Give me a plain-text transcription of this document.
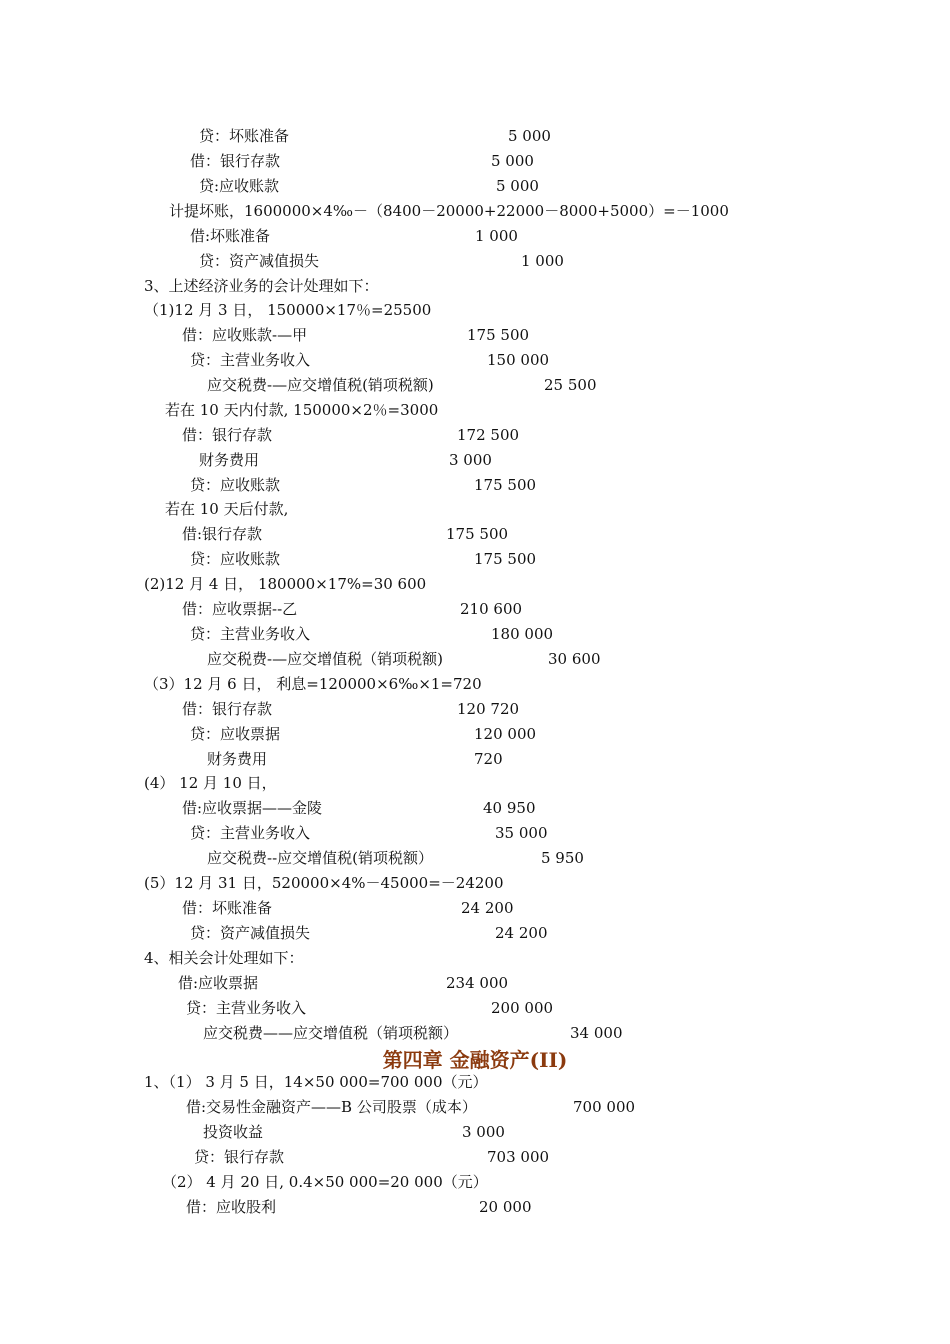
贷：坏账准备	5 000
借：银行存款	5 000
贷:应收账款	5 000
计提坏账，1600000×4‰－（8400－20000+22000－8000+5000）=－1000
借:坏账准备	1 000
贷：资产减值损失	1 000
3、上述经济业务的会计处理如下：
（1)12 月 3 日， 150000×17％=25500
借：应收账款-—甲	175 500
贷：主营业务收入	150 000
应交税费-—应交增值税(销项税额)	25 500
若在 10 天内付款, 150000×2％=3000
借：银行存款	172 500
财务费用	3 000
贷：应收账款	175 500
若在 10 天后付款,
借:银行存款	175 500
贷：应收账款	175 500
(2)12 月 4 日， 180000×17%=30 600
借：应收票据--乙	210 600
贷：主营业务收入	180 000
应交税费-—应交增值税（销项税额)	30 600
（3）12 月 6 日， 利息=120000×6‰×1=720
借：银行存款	120 720
贷：应收票据	120 000
财务费用	720
(4） 12 月 10 日，
借:应收票据——金陵	40 950
贷：主营业务收入	35 000
应交税费--应交增值税(销项税额）	5 950
(5）12 月 31 日，520000×4%－45000=－24200
借：坏账准备	24 200
贷：资产减值损失	24 200
4、相关会计处理如下：
借:应收票据	234 000
贷：主营业务收入	200 000
应交税费——应交增值税（销项税额）	34 000
第四章 金融资产(II)
1、（1） 3 月 5 日，14×50 000=700 000（元）
借:交易性金融资产——B 公司股票（成本）	700 000
投资收益	3 000
贷：银行存款	703 000
（2） 4 月 20 日, 0.4×50 000=20 000（元）
借：应收股利	20 000
